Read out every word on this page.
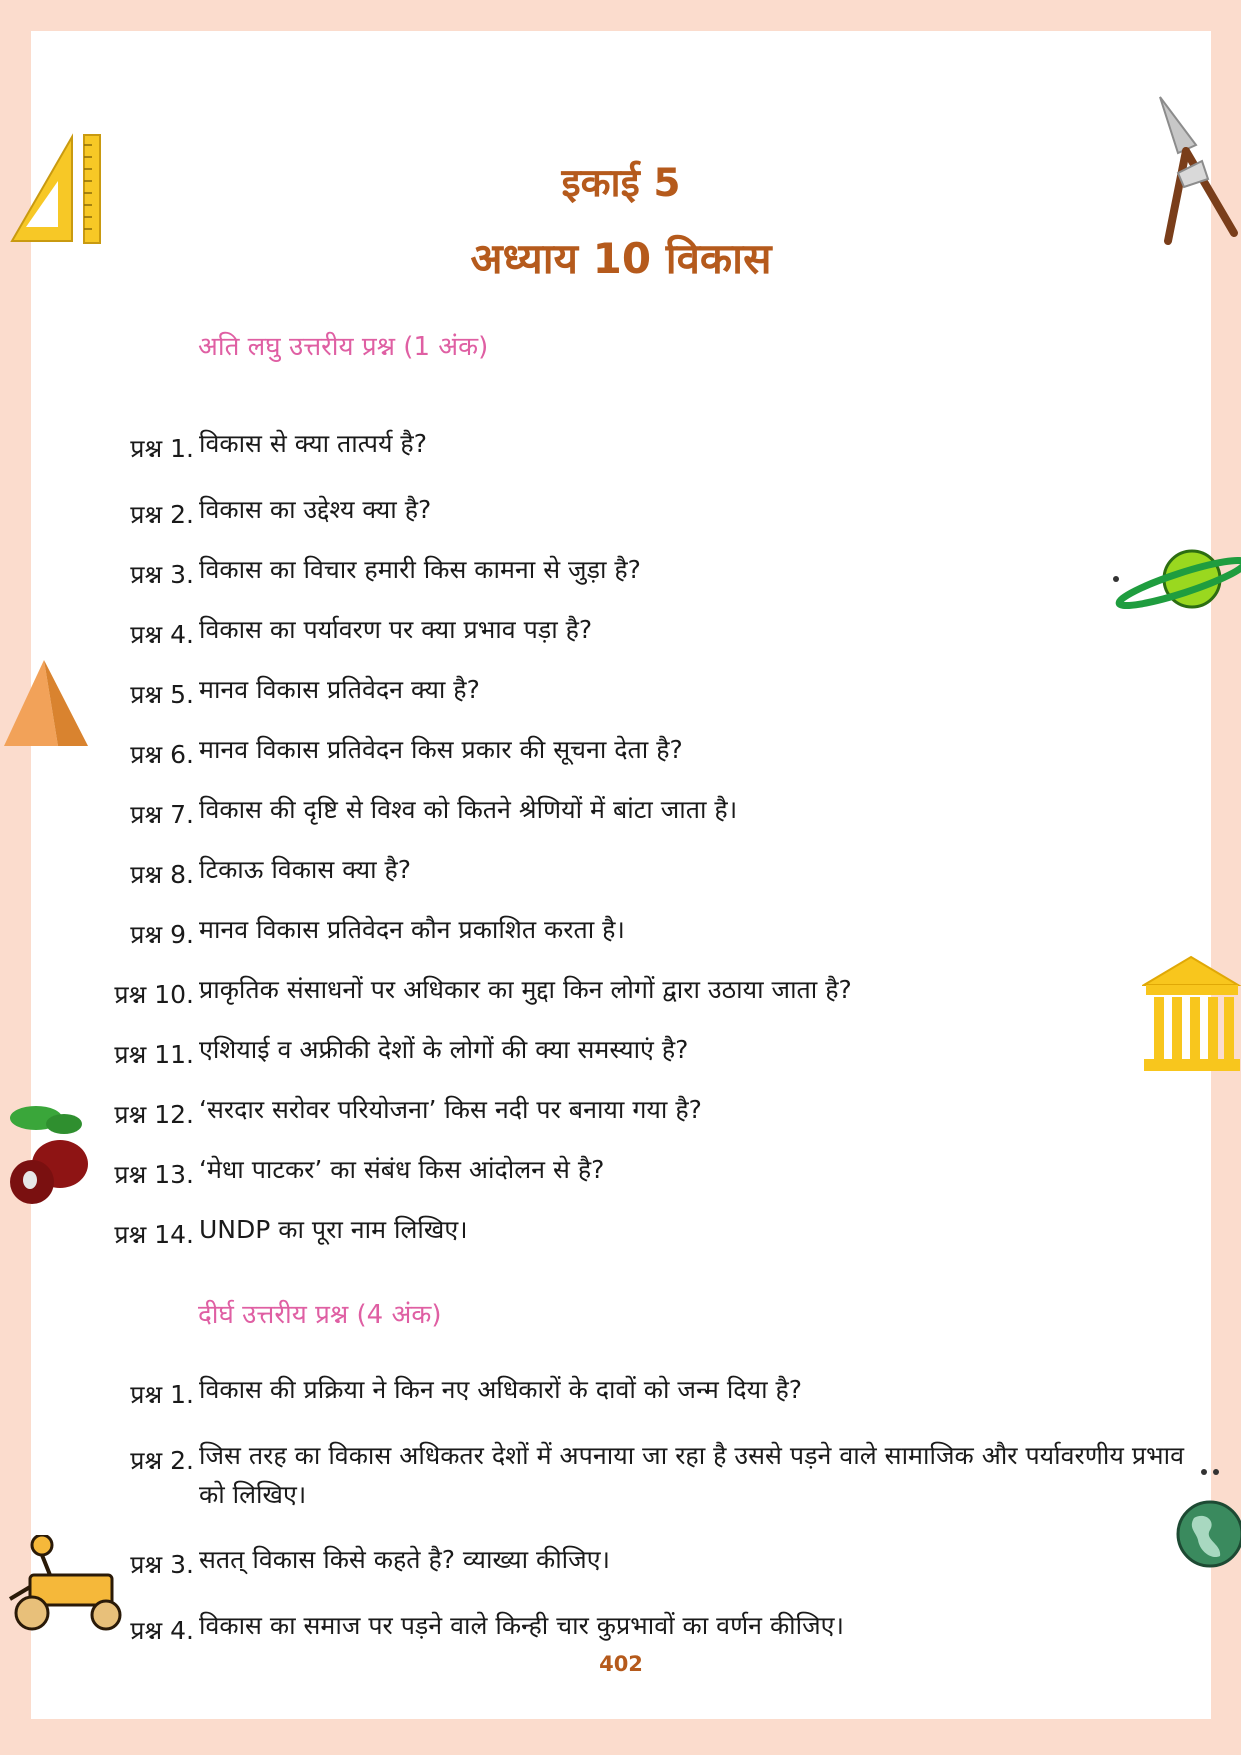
इकाई 5
अध्याय 10 विकास
अति लघु उत्तरीय प्रश्न (1 अंक)
प्रश्न 1. विकास से क्या तात्पर्य है?
प्रश्न 2. विकास का उद्देश्य क्या है?
प्रश्न 3. विकास का विचार हमारी किस कामना से जुड़ा है?
प्रश्न 4. विकास का पर्यावरण पर क्या प्रभाव पड़ा है?
प्रश्न 5. मानव विकास प्रतिवेदन क्या है?
प्रश्न 6. मानव विकास प्रतिवेदन किस प्रकार की सूचना देता है?
प्रश्न 7. विकास की दृष्टि से विश्व को कितने श्रेणियों में बांटा जाता है।
प्रश्न 8. टिकाऊ विकास क्या है?
प्रश्न 9. मानव विकास प्रतिवेदन कौन प्रकाशित करता है।
प्रश्न 10. प्राकृतिक संसाधनों पर अधिकार का मुद्दा किन लोगों द्वारा उठाया जाता है?
प्रश्न 11. एशियाई व अफ्रीकी देशों के लोगों की क्या समस्याएं है?
प्रश्न 12. ‘सरदार सरोवर परियोजना’ किस नदी पर बनाया गया है?
प्रश्न 13. ‘मेधा पाटकर’ का संबंध किस आंदोलन से है?
प्रश्न 14. UNDP का पूरा नाम लिखिए।
दीर्घ उत्तरीय प्रश्न (4 अंक)
प्रश्न 1. विकास की प्रक्रिया ने किन नए अधिकारों के दावों को जन्म दिया है?
प्रश्न 2. जिस तरह का विकास अधिकतर देशों में अपनाया जा रहा है उससे पड़ने वाले सामाजिक और पर्यावरणीय प्रभाव को लिखिए।
प्रश्न 3. सतत् विकास किसे कहते है? व्याख्या कीजिए।
प्रश्न 4. विकास का समाज पर पड़ने वाले किन्ही चार कुप्रभावों का वर्णन कीजिए।
402
